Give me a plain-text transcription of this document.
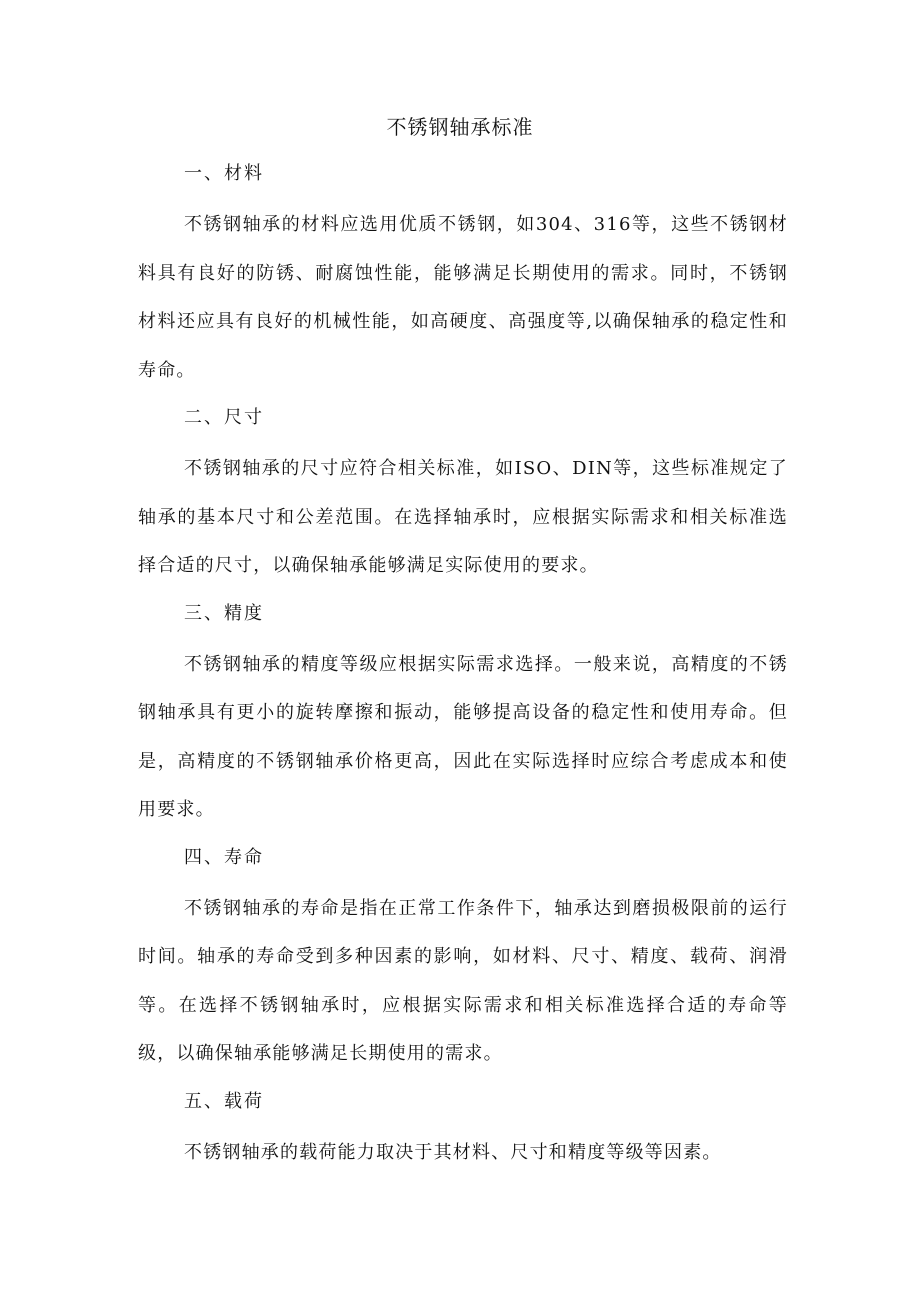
不锈钢轴承标准
一、材料

不锈钢轴承的材料应选用优质不锈钢，如304、316等，这些不锈钢材料具有良好的防锈、耐腐蚀性能，能够满足长期使用的需求。同时，不锈钢材料还应具有良好的机械性能，如高硬度、高强度等,以确保轴承的稳定性和寿命。

二、尺寸

不锈钢轴承的尺寸应符合相关标准，如ISO、DIN等，这些标准规定了轴承的基本尺寸和公差范围。在选择轴承时，应根据实际需求和相关标准选择合适的尺寸，以确保轴承能够满足实际使用的要求。

三、精度

不锈钢轴承的精度等级应根据实际需求选择。一般来说，高精度的不锈钢轴承具有更小的旋转摩擦和振动，能够提高设备的稳定性和使用寿命。但是，高精度的不锈钢轴承价格更高，因此在实际选择时应综合考虑成本和使用要求。

四、寿命

不锈钢轴承的寿命是指在正常工作条件下，轴承达到磨损极限前的运行时间。轴承的寿命受到多种因素的影响，如材料、尺寸、精度、载荷、润滑等。在选择不锈钢轴承时，应根据实际需求和相关标准选择合适的寿命等级，以确保轴承能够满足长期使用的需求。

五、载荷

不锈钢轴承的载荷能力取决于其材料、尺寸和精度等级等因素。
